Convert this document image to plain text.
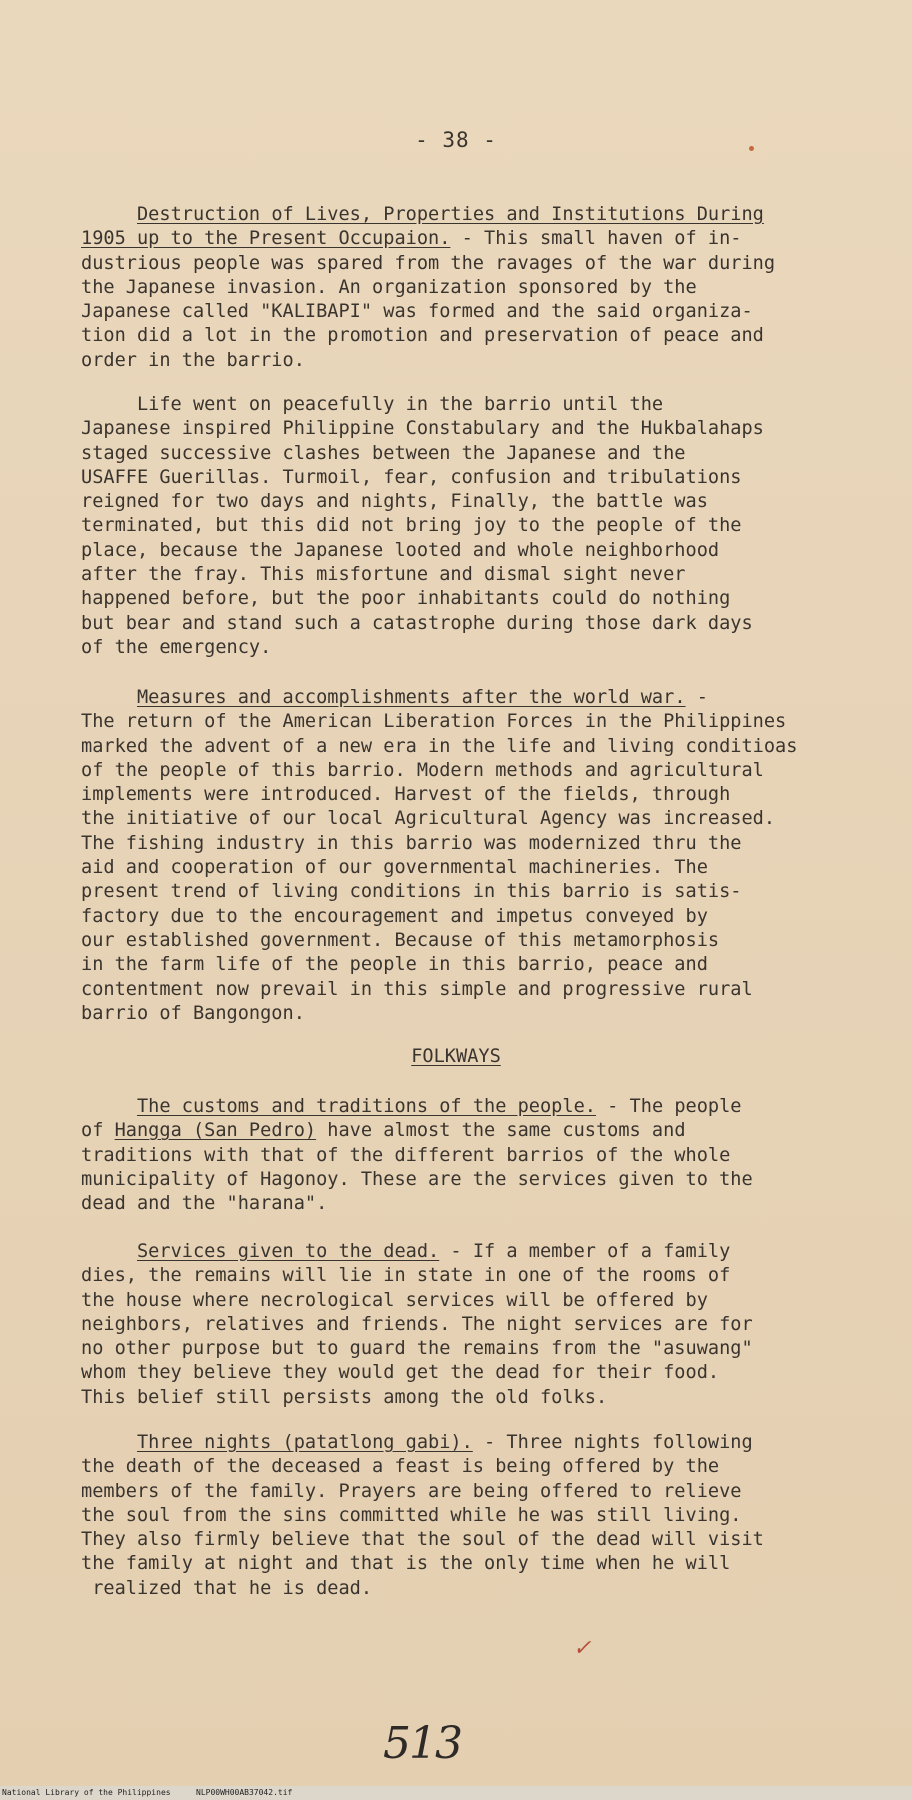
- 38 -
Destruction of Lives, Properties and Institutions During
1905 up to the Present Occupaion. - This small haven of in-
dustrious people was spared from the ravages of the war during
the Japanese invasion. An organization sponsored by the
Japanese called "KALIBAPI" was formed and the said organiza-
tion did a lot in the promotion and preservation of peace and
order in the barrio.
Life went on peacefully in the barrio until the
Japanese inspired Philippine Constabulary and the Hukbalahaps
staged successive clashes between the Japanese and the
USAFFE Guerillas. Turmoil, fear, confusion and tribulations
reigned for two days and nights, Finally, the battle was
terminated, but this did not bring joy to the people of the
place, because the Japanese looted and whole neighborhood
after the fray. This misfortune and dismal sight never
happened before, but the poor inhabitants could do nothing
but bear and stand such a catastrophe during those dark days
of the emergency.
Measures and accomplishments after the world war. -
The return of the American Liberation Forces in the Philippines
marked the advent of a new era in the life and living conditioas
of the people of this barrio. Modern methods and agricultural
implements were introduced. Harvest of the fields, through
the initiative of our local Agricultural Agency was increased.
The fishing industry in this barrio was modernized thru the
aid and cooperation of our governmental machineries. The
present trend of living conditions in this barrio is satis-
factory due to the encouragement and impetus conveyed by
our established government. Because of this metamorphosis
in the farm life of the people in this barrio, peace and
contentment now prevail in this simple and progressive rural
barrio of Bangongon.
FOLKWAYS
The customs and traditions of the people. - The people
of Hangga (San Pedro) have almost the same customs and
traditions with that of the different barrios of the whole
municipality of Hagonoy. These are the services given to the
dead and the "harana".
Services given to the dead. - If a member of a family
dies, the remains will lie in state in one of the rooms of
the house where necrological services will be offered by
neighbors, relatives and friends. The night services are for
no other purpose but to guard the remains from the "asuwang"
whom they believe they would get the dead for their food.
This belief still persists among the old folks.
Three nights (patatlong gabi). - Three nights following
the death of the deceased a feast is being offered by the
members of the family. Prayers are being offered to relieve
the soul from the sins committed while he was still living.
They also firmly believe that the soul of the dead will visit
the family at night and that is the only time when he will
realized that he is dead.
✓
513
National Library of the Philippines	NLP00WH00AB37042.tif
